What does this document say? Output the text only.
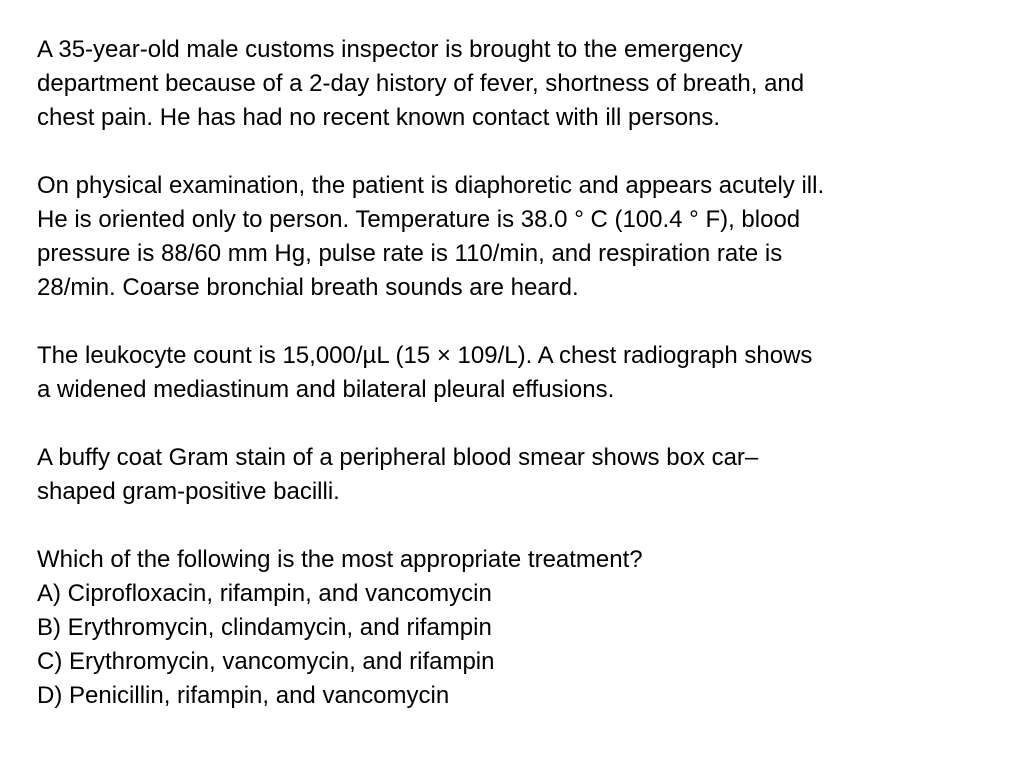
A 35-year-old male customs inspector is brought to the emergency
department because of a 2-day history of fever, shortness of breath, and
chest pain. He has had no recent known contact with ill persons.
On physical examination, the patient is diaphoretic and appears acutely ill.
He is oriented only to person. Temperature is 38.0 ° C (100.4 ° F), blood
pressure is 88/60 mm Hg, pulse rate is 110/min, and respiration rate is
28/min. Coarse bronchial breath sounds are heard.
The leukocyte count is 15,000/µL (15 × 109/L). A chest radiograph shows
a widened mediastinum and bilateral pleural effusions.
A buffy coat Gram stain of a peripheral blood smear shows box car–
shaped gram-positive bacilli.
Which of the following is the most appropriate treatment?
A) Ciprofloxacin, rifampin, and vancomycin
B) Erythromycin, clindamycin, and rifampin
C) Erythromycin, vancomycin, and rifampin
D) Penicillin, rifampin, and vancomycin
